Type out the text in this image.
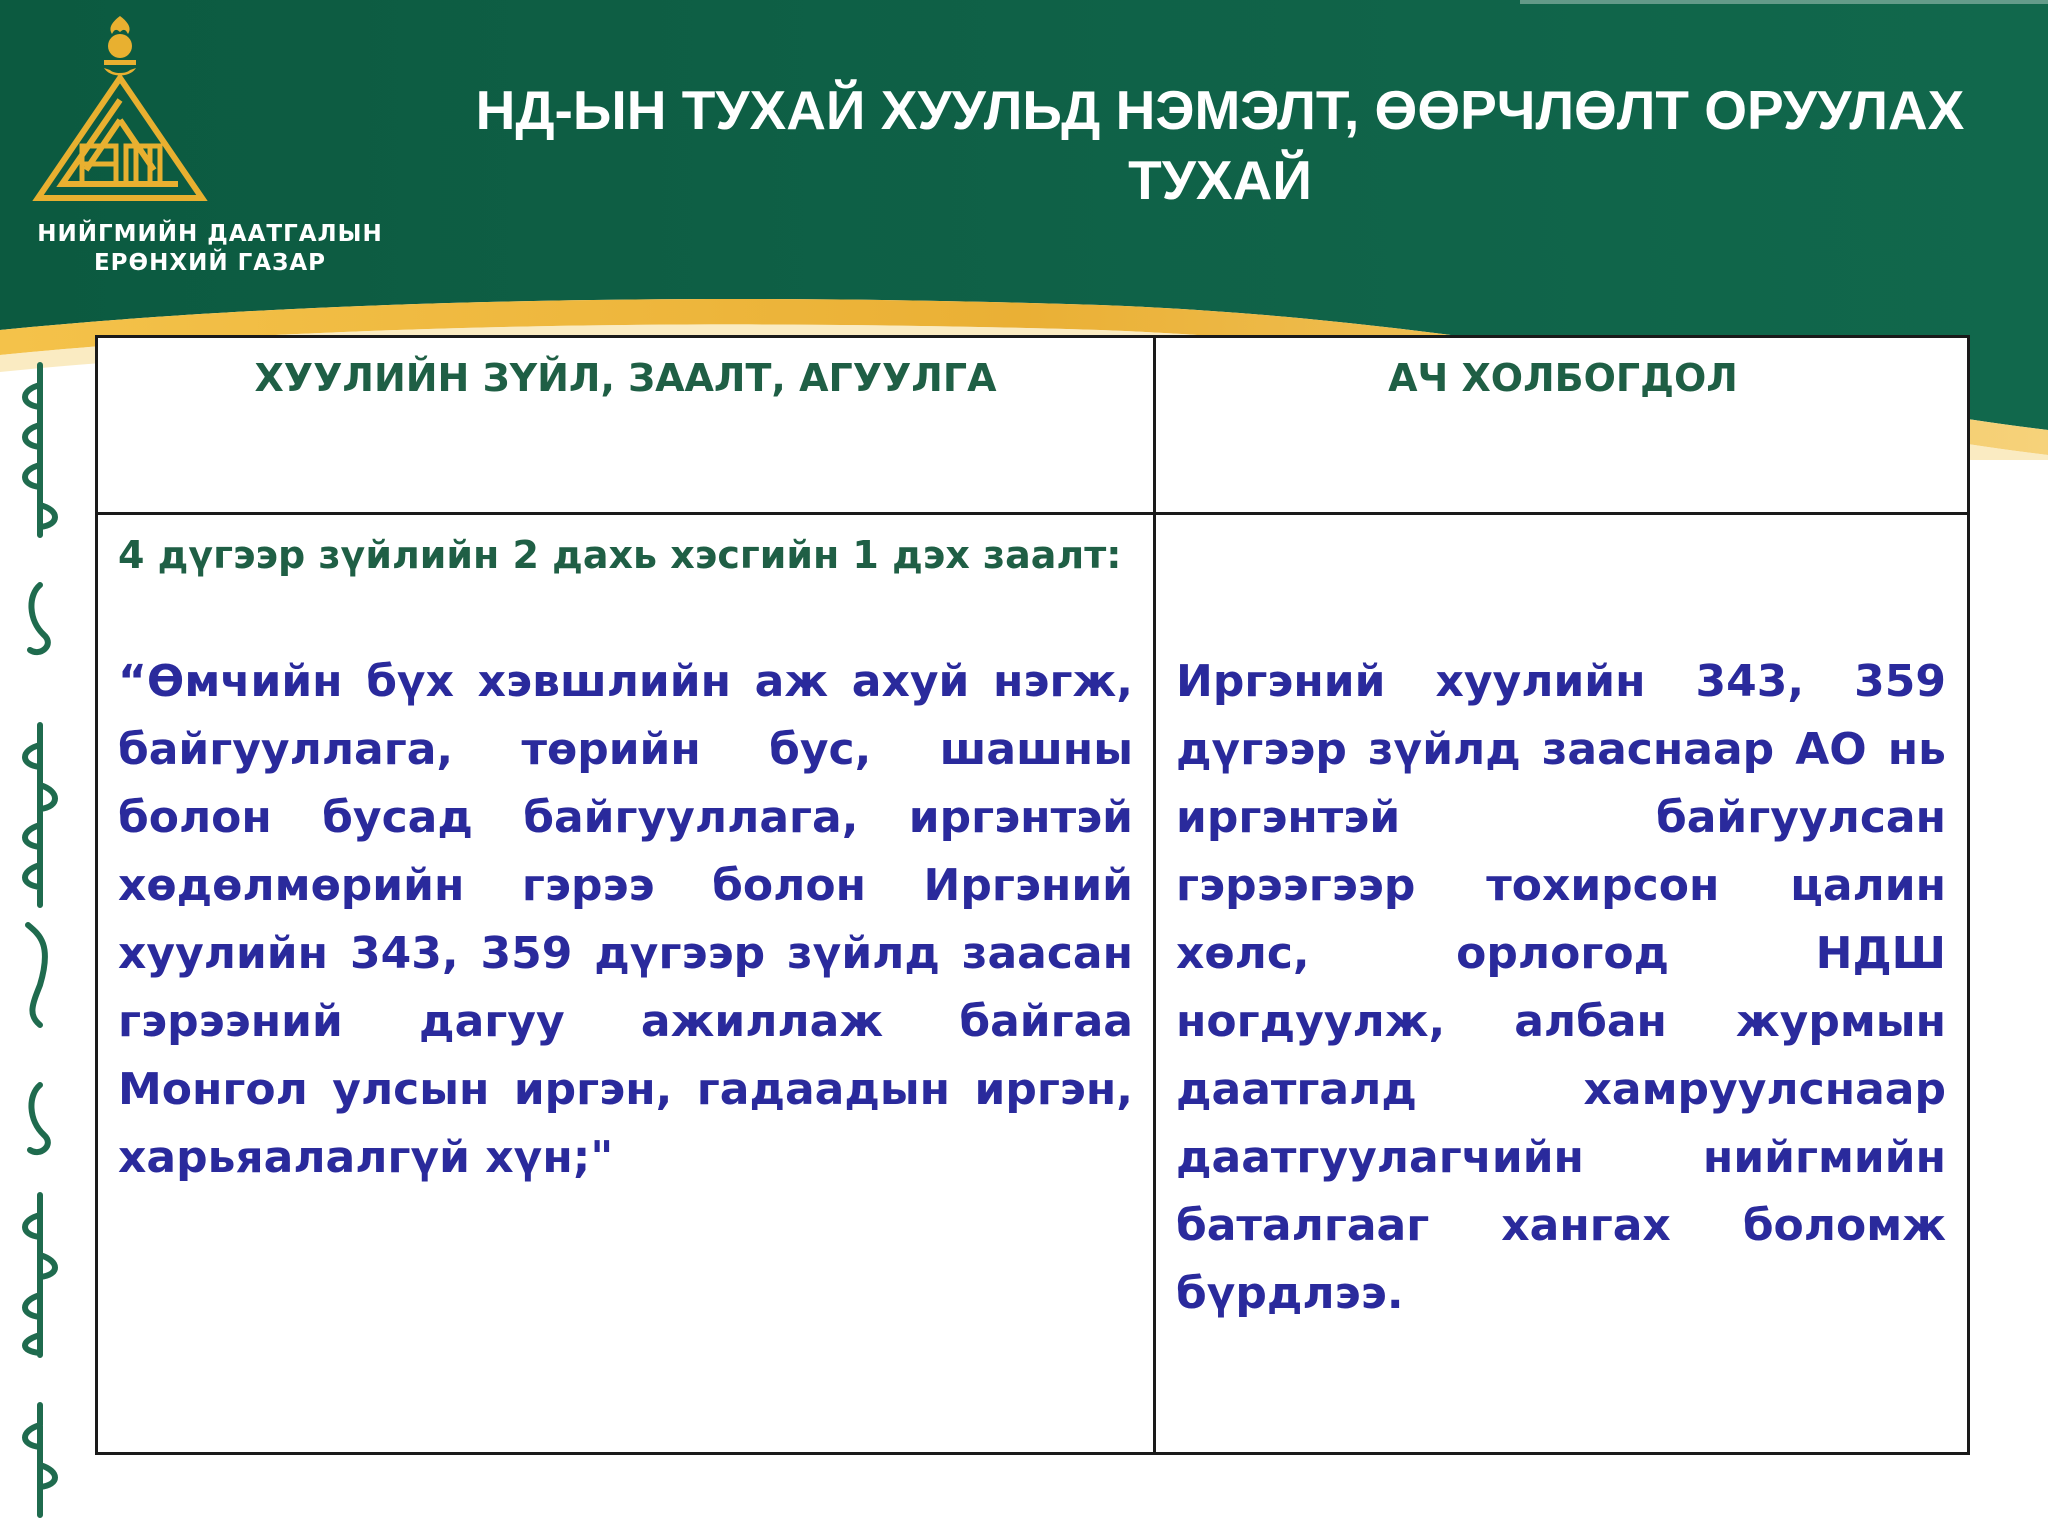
НИЙГМИЙН ДААТГАЛЫН
ЕРӨНХИЙ ГАЗАР
НД-ЫН ТУХАЙ ХУУЛЬД НЭМЭЛТ, ӨӨРЧЛӨЛТ ОРУУЛАХ ТУХАЙ
ХУУЛИЙН ЗҮЙЛ, ЗААЛТ, АГУУЛГА	АЧ ХОЛБОГДОЛ

4 дүгээр зүйлийн 2 дахь хэсгийн 1 дэх заалт:

“Өмчийн бүх хэвшлийн аж ахуй нэгж, байгууллага, төрийн бус, шашны болон бусад байгууллага, иргэнтэй хөдөлмөрийн гэрээ болон Иргэний хуулийн 343, 359 дүгээр зүйлд заасан гэрээний дагуу ажиллаж байгаа Монгол улсын иргэн, гадаадын иргэн, харьяалалгүй хүн;"

Иргэний хуулийн 343, 359 дүгээр зүйлд зааснаар АО нь иргэнтэй байгуулсан гэрээгээр тохирсон цалин хөлс, орлогод НДШ ногдуулж, албан журмын даатгалд хамруулснаар даатгуулагчийн нийгмийн баталгааг хангах боломж бүрдлээ.
